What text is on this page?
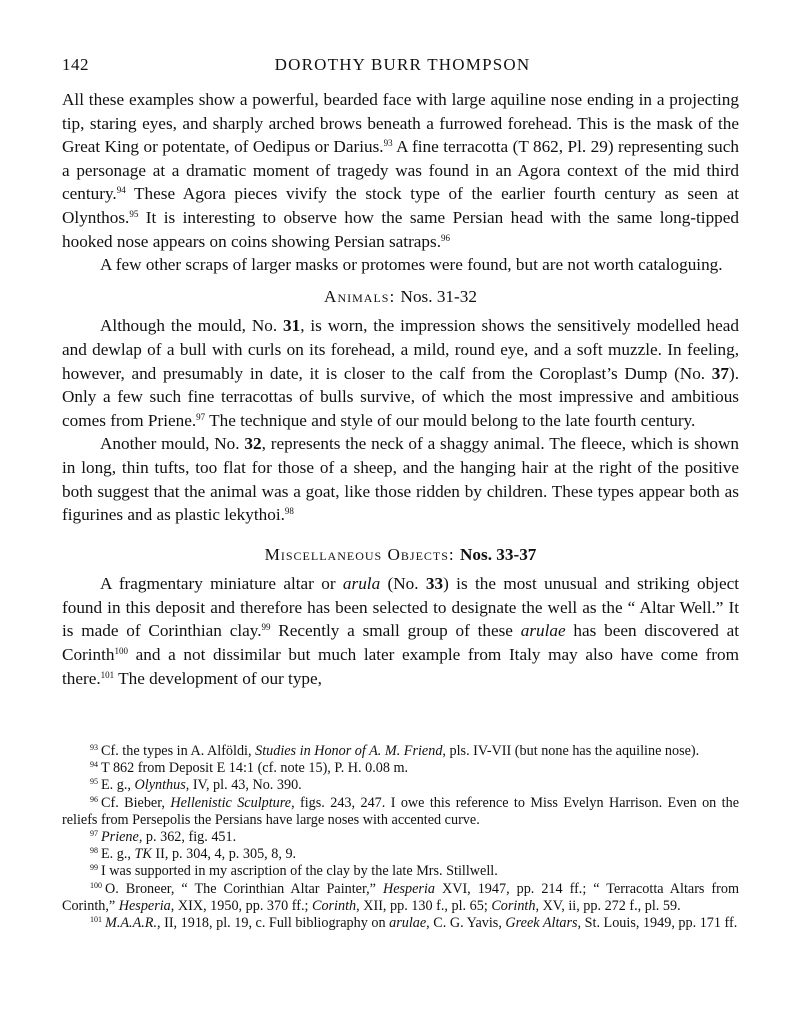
142	DOROTHY BURR THOMPSON

All these examples show a powerful, bearded face with large aquiline nose ending in a projecting tip, staring eyes, and sharply arched brows beneath a furrowed forehead. This is the mask of the Great King or potentate, of Oedipus or Darius.$^{93}$ A fine terracotta (T 862, Pl. 29) representing such a personage at a dramatic moment of tragedy was found in an Agora context of the mid third century.$^{94}$ These Agora pieces vivify the stock type of the earlier fourth century as seen at Olynthos.$^{95}$ It is interesting to observe how the same Persian head with the same long-tipped hooked nose appears on coins showing Persian satraps.$^{96}$

A few other scraps of larger masks or protomes were found, but are not worth cataloguing.

Animals: Nos. 31-32

Although the mould, No. 31, is worn, the impression shows the sensitively modelled head and dewlap of a bull with curls on its forehead, a mild, round eye, and a soft muzzle. In feeling, however, and presumably in date, it is closer to the calf from the Coroplast’s Dump (No. 37). Only a few such fine terracottas of bulls survive, of which the most impressive and ambitious comes from Priene.$^{97}$ The technique and style of our mould belong to the late fourth century.

Another mould, No. 32, represents the neck of a shaggy animal. The fleece, which is shown in long, thin tufts, too flat for those of a sheep, and the hanging hair at the right of the positive both suggest that the animal was a goat, like those ridden by children. These types appear both as figurines and as plastic lekythoi.$^{98}$

Miscellaneous Objects: Nos. 33-37

A fragmentary miniature altar or arula (No. 33) is the most unusual and striking object found in this deposit and therefore has been selected to designate the well as the “ Altar Well.” It is made of Corinthian clay.$^{99}$ Recently a small group of these arulae has been discovered at Corinth$^{100}$ and a not dissimilar but much later example from Italy may also have come from there.$^{101}$ The development of our type,

$^{93}$ Cf. the types in A. Alföldi, Studies in Honor of A. M. Friend, pls. IV-VII (but none has the aquiline nose).

$^{94}$ T 862 from Deposit E 14:1 (cf. note 15), P. H. 0.08 m.

$^{95}$ E. g., Olynthus, IV, pl. 43, No. 390.

$^{96}$ Cf. Bieber, Hellenistic Sculpture, figs. 243, 247. I owe this reference to Miss Evelyn Harrison. Even on the reliefs from Persepolis the Persians have large noses with accented curve.

$^{97}$ Priene, p. 362, fig. 451.

$^{98}$ E. g., TK II, p. 304, 4, p. 305, 8, 9.

$^{99}$ I was supported in my ascription of the clay by the late Mrs. Stillwell.

$^{100}$ O. Broneer, “ The Corinthian Altar Painter,” Hesperia XVI, 1947, pp. 214 ff.; “ Terracotta Altars from Corinth,” Hesperia, XIX, 1950, pp. 370 ff.; Corinth, XII, pp. 130 f., pl. 65; Corinth, XV, ii, pp. 272 f., pl. 59.

$^{101}$ M.A.A.R., II, 1918, pl. 19, c. Full bibliography on arulae, C. G. Yavis, Greek Altars, St. Louis, 1949, pp. 171 ff.
